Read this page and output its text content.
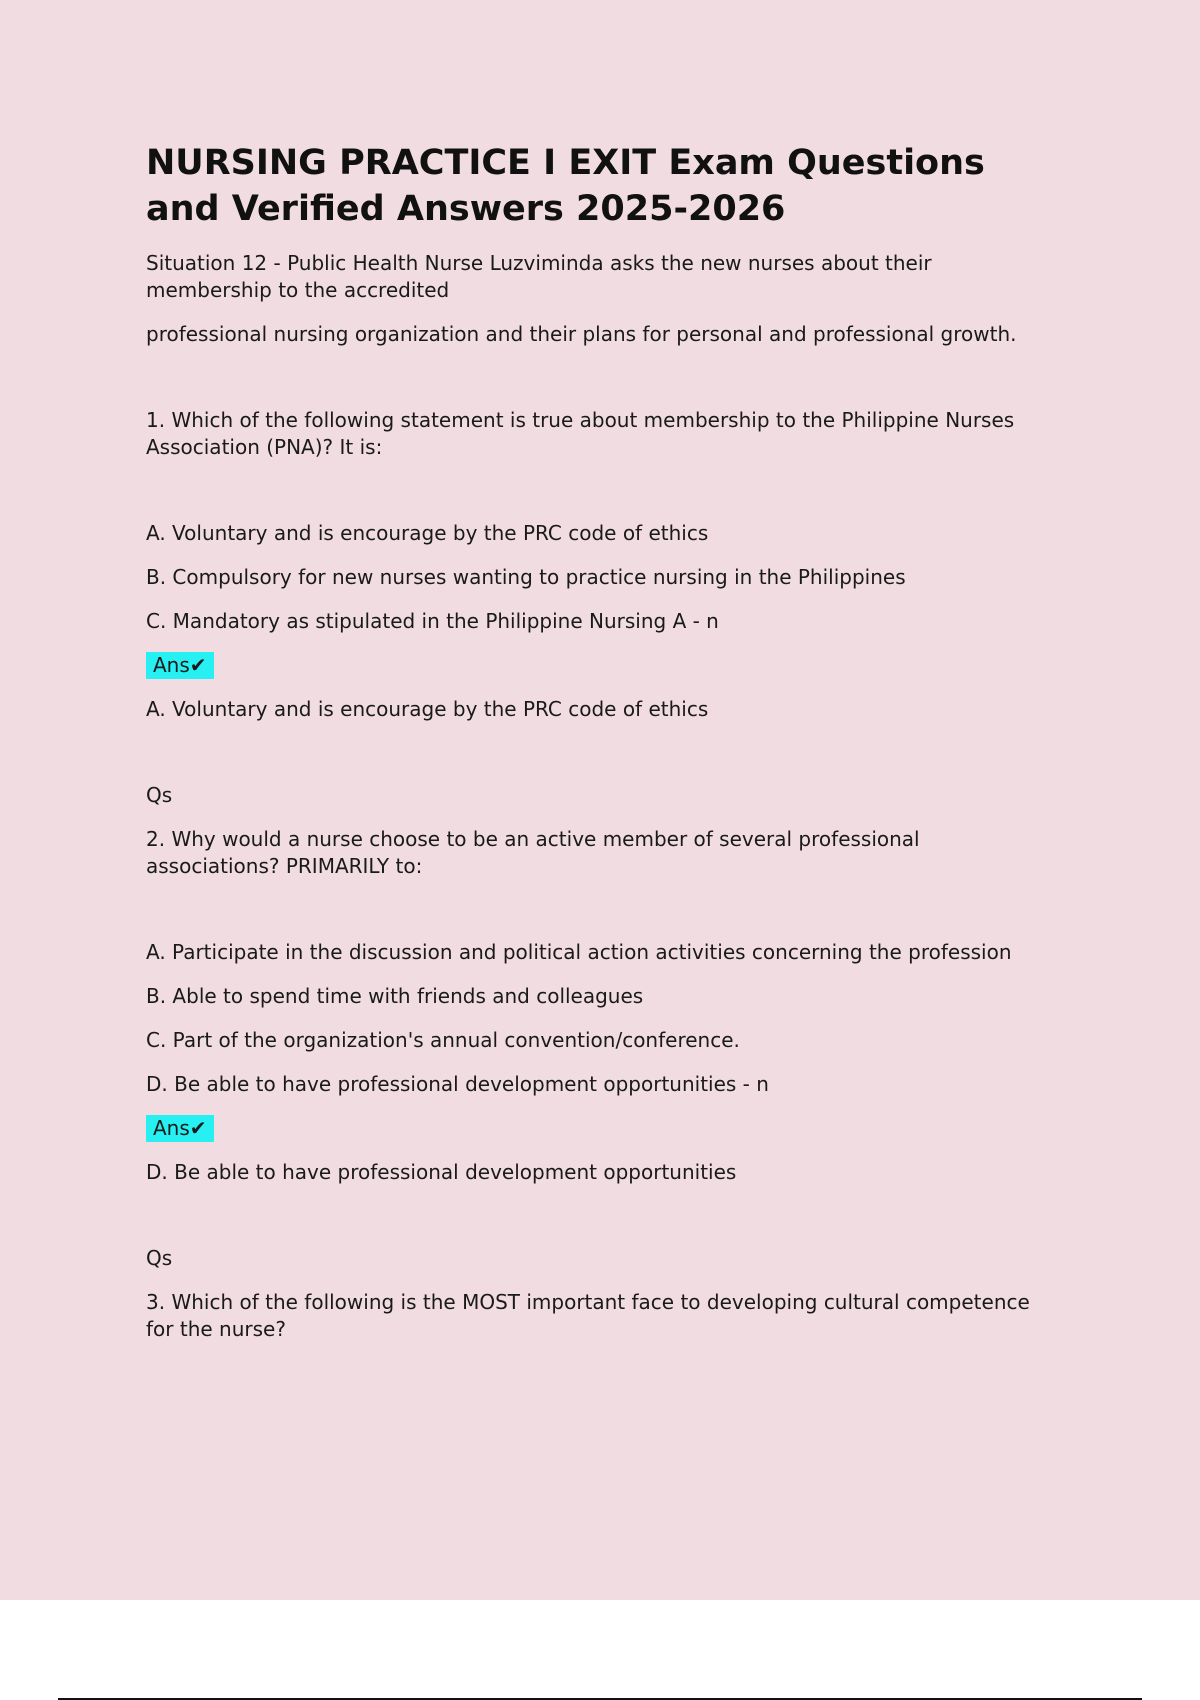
NURSING PRACTICE I EXIT Exam Questions and Verified Answers 2025-2026

Situation 12 - Public Health Nurse Luzviminda asks the new nurses about their membership to the accredited

professional nursing organization and their plans for personal and professional growth.

1. Which of the following statement is true about membership to the Philippine Nurses Association (PNA)? It is:

A. Voluntary and is encourage by the PRC code of ethics

B. Compulsory for new nurses wanting to practice nursing in the Philippines

C. Mandatory as stipulated in the Philippine Nursing A - n

Ans✔

A. Voluntary and is encourage by the PRC code of ethics

Qs

2. Why would a nurse choose to be an active member of several professional associations? PRIMARILY to:

A. Participate in the discussion and political action activities concerning the profession

B. Able to spend time with friends and colleagues

C. Part of the organization's annual convention/conference.

D. Be able to have professional development opportunities - n

Ans✔

D. Be able to have professional development opportunities

Qs

3. Which of the following is the MOST important face to developing cultural competence for the nurse?
